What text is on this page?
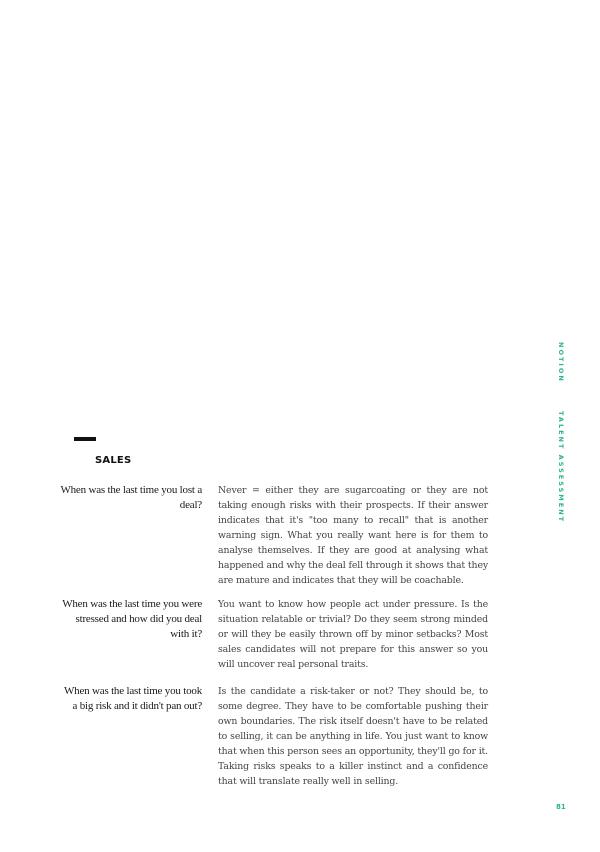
SALES
When was the last time you lost a deal?
Never = either they are sugarcoating or they are not taking enough risks with their prospects. If their answer indicates that it's "too many to recall" that is another warning sign. What you really want here is for them to analyse themselves. If they are good at analysing what happened and why the deal fell through it shows that they are mature and indicates that they will be coachable.
When was the last time you were stressed and how did you deal with it?
You want to know how people act under pressure. Is the situation relatable or trivial? Do they seem strong minded or will they be easily thrown off by minor setbacks? Most sales candidates will not prepare for this answer so you will uncover real personal traits.
When was the last time you took a big risk and it didn't pan out?
Is the candidate a risk-taker or not? They should be, to some degree. They have to be comfortable pushing their own boundaries. The risk itself doesn't have to be related to selling, it can be anything in life. You just want to know that when this person sees an opportunity, they'll go for it. Taking risks speaks to a killer instinct and a confidence that will translate really well in selling.
NOTION
TALENT ASSESSMENT
81
